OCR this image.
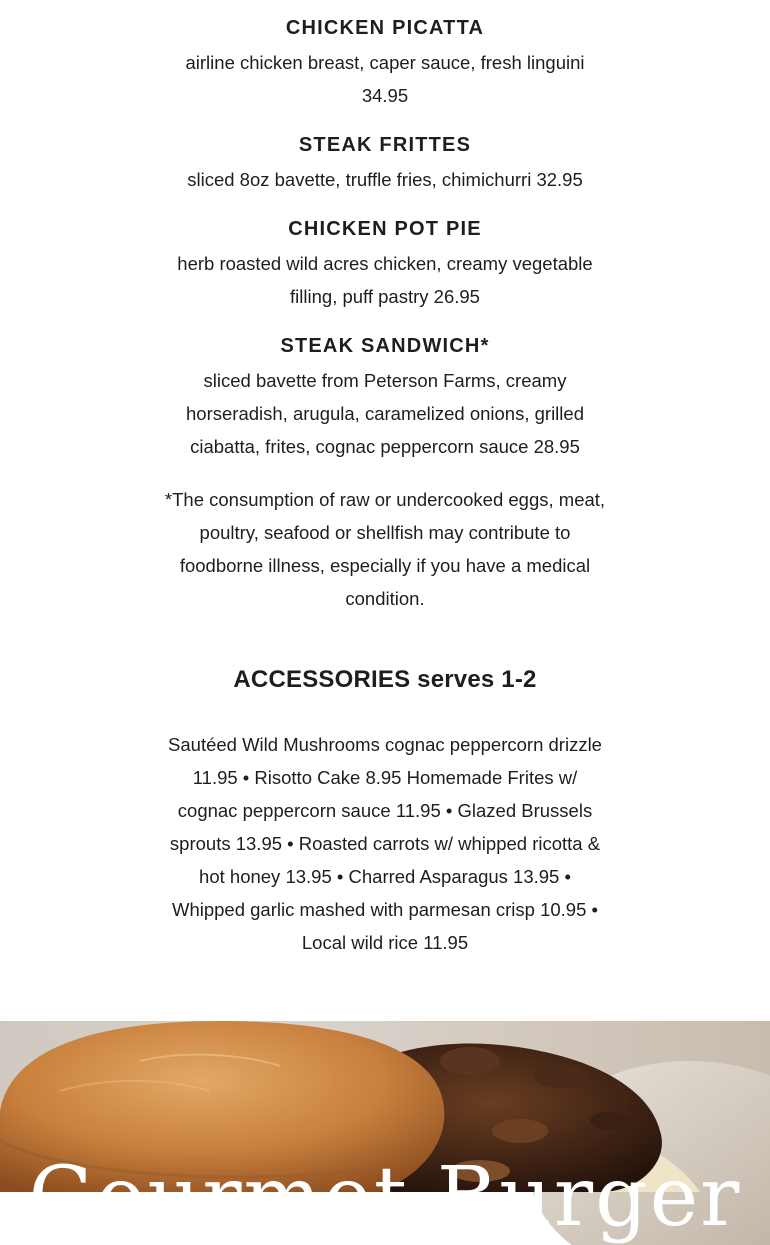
CHICKEN PICATTA

airline chicken breast, caper sauce, fresh linguini 34.95

STEAK FRITTES

sliced 8oz bavette, truffle fries, chimichurri 32.95

CHICKEN POT PIE

herb roasted wild acres chicken, creamy vegetable filling, puff pastry 26.95

STEAK SANDWICH*

sliced bavette from Peterson Farms, creamy horseradish, arugula, caramelized onions, grilled ciabatta, frites, cognac peppercorn sauce 28.95

*The consumption of raw or undercooked eggs, meat, poultry, seafood or shellfish may contribute to foodborne illness, especially if you have a medical condition.

ACCESSORIES serves 1-2

Sautéed Wild Mushrooms cognac peppercorn drizzle 11.95 • Risotto Cake 8.95 Homemade Frites w/ cognac peppercorn sauce 11.95 • Glazed Brussels sprouts 13.95 • Roasted carrots w/ whipped ricotta & hot honey 13.95 • Charred Asparagus 13.95 • Whipped garlic mashed with parmesan crisp 10.95 • Local wild rice 11.95

Gourmet Burger
